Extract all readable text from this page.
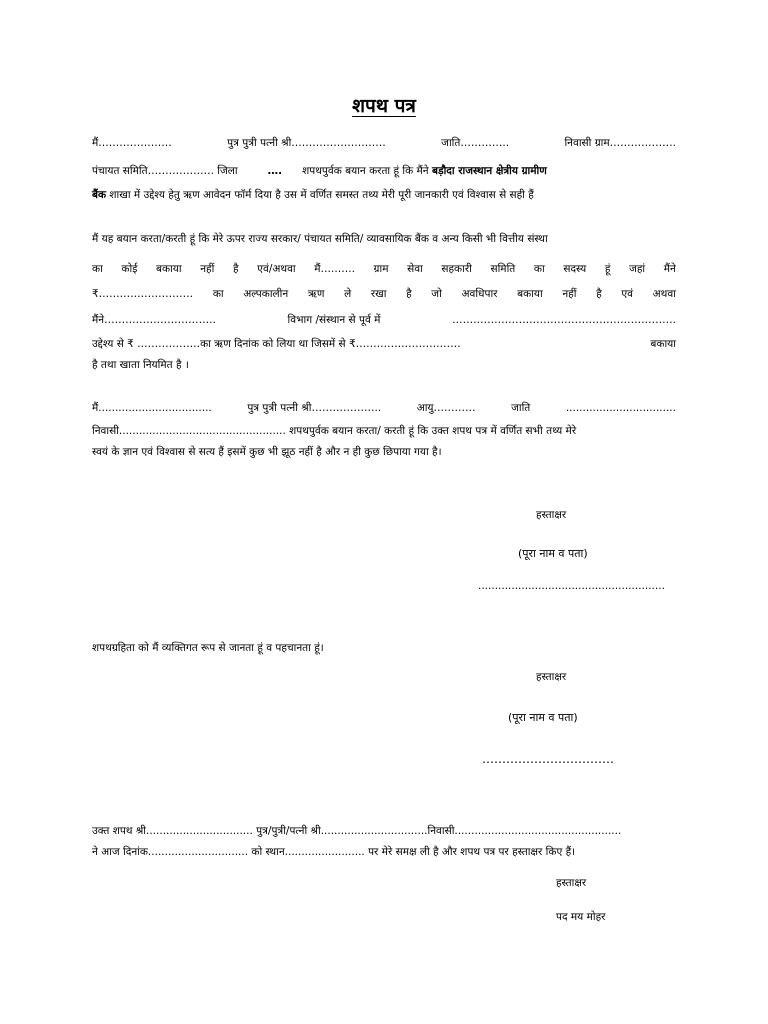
शपथ पत्र
मैं…………………	पुत्र पुत्री पत्नी श्री………………………	जाति…………..	निवासी ग्राम……………….
पंचायत समिति………………. जिला	…. शपथपुर्वक बयान करता हूं कि मैंने बड़ौदा राजस्थान क्षेत्रीय ग्रामीण
बैंक शाखा में उद्देश्य हेतु ऋण आवेदन फॉर्म दिया है उस में वर्णित समस्त तथ्य मेरी पूरी जानकारी एवं विश्वास से सही हैं
मैं यह बयान करता/करती हूं कि मेरे ऊपर राज्य सरकार/ पंचायत समिति/ व्यावसायिक बैंक व अन्य किसी भी वित्तीय संस्था
का कोई बकाया नहीं है एवं/अथवा मैं…..….. ग्राम सेवा सहकारी समिति का सदस्य हूं जहां मैंने
₹……………………… का अल्पकालीन ऋण ले रखा है जो अवधिपार बकाया नहीं है एवं अथवा
मैंने…………………………..	विभाग /संस्थान से पूर्व में	……………………………………………………….
उद्देश्य से ₹ ………………का ऋण दिनांक को लिया था जिसमें से ₹…………………………	बकाया
है तथा खाता नियमित है ।
मैं..................................	पुत्र पुत्री पत्नी श्री………………..	आयु…………	जाति	.................................
निवासी.................................................. शपथपुर्वक बयान करता/ करती हूं कि उक्त शपथ पत्र में वर्णित सभी तथ्य मेरे
स्वयं के ज्ञान एवं विश्वास से सत्य हैं इसमें कुछ भी झूठ नहीं है और न ही कुछ छिपाया गया है।
हस्ताक्षर
(पूरा नाम व पता)
........................................................
शपथग्रहिता को मैं व्यक्तिगत रूप से जानता हूं व पहचानता हूं।
हस्ताक्षर
(पूरा नाम व पता)
……………………………
उक्त शपथ श्री................................ पुत्र/पुत्री/पत्नी श्री................................निवासी..................................................
ने आज दिनांक.............................. को स्थान........................ पर मेरे समक्ष ली है और शपथ पत्र पर हस्ताक्षर किए हैं।
हस्ताक्षर
पद मय मोहर
